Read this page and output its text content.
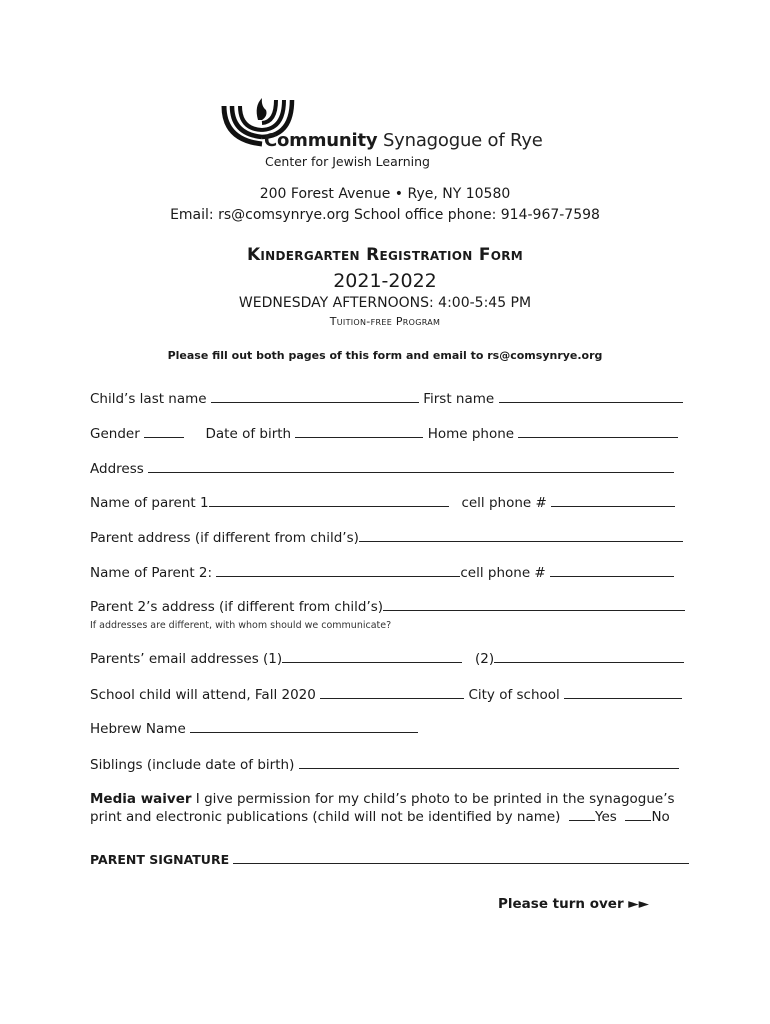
Community Synagogue of Rye
Center for Jewish Learning
200 Forest Avenue • Rye, NY 10580
Email: rs@comsynrye.org School office phone: 914-967-7598
Kindergarten Registration Form
2021-2022
WEDNESDAY AFTERNOONS: 4:00-5:45 PM
Tuition-free Program
Please fill out both pages of this form and email to rs@comsynrye.org
Child’s last name	First name
Gender	Date of birth	Home phone
Address
Name of parent 1	cell phone #
Parent address (if different from child’s)
Name of Parent 2:	cell phone #
Parent 2’s address (if different from child’s)
If addresses are different, with whom should we communicate?
Parents’ email addresses (1)	(2)
School child will attend, Fall 2020	City of school
Hebrew Name
Siblings (include date of birth)
Media waiver I give permission for my child’s photo to be printed in the synagogue’s print and electronic publications (child will not be identified by name)	Yes	No
PARENT SIGNATURE
Please turn over ►►
